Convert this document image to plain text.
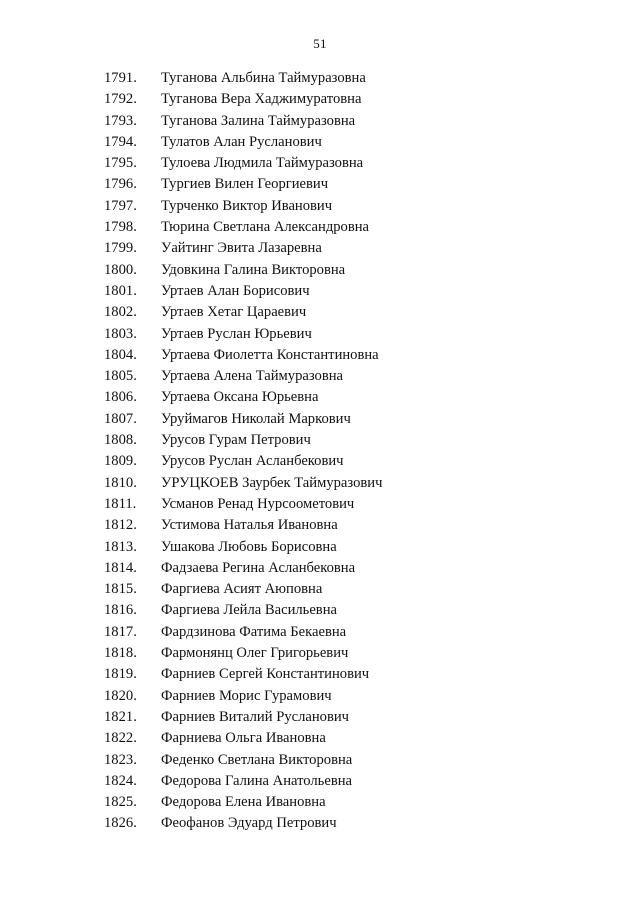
51
1791. Туганова Альбина Таймуразовна
1792. Туганова Вера Хаджимуратовна
1793. Туганова Залина Таймуразовна
1794. Тулатов Алан Русланович
1795. Тулоева Людмила Таймуразовна
1796. Тургиев Вилен Георгиевич
1797. Турченко Виктор Иванович
1798. Тюрина Светлана Александровна
1799. Уайтинг Эвита Лазаревна
1800. Удовкина Галина Викторовна
1801. Уртаев Алан Борисович
1802. Уртаев Хетаг Цараевич
1803. Уртаев Руслан Юрьевич
1804. Уртаева Фиолетта Константиновна
1805. Уртаева Алена Таймуразовна
1806. Уртаева Оксана Юрьевна
1807. Уруймагов Николай Маркович
1808. Урусов Гурам Петрович
1809. Урусов Руслан Асланбекович
1810. УРУЦКОЕВ Заурбек Таймуразович
1811. Усманов Ренад Нурсоометович
1812. Устимова Наталья Ивановна
1813. Ушакова Любовь Борисовна
1814. Фадзаева Регина Асланбековна
1815. Фаргиева Асият Аюповна
1816. Фаргиева Лейла Васильевна
1817. Фардзинова Фатима Бекаевна
1818. Фармонянц Олег Григорьевич
1819. Фарниев Сергей Константинович
1820. Фарниев Морис Гурамович
1821. Фарниев Виталий Русланович
1822. Фарниева Ольга Ивановна
1823. Феденко Светлана Викторовна
1824. Федорова Галина Анатольевна
1825. Федорова Елена Ивановна
1826. Феофанов Эдуард Петрович
